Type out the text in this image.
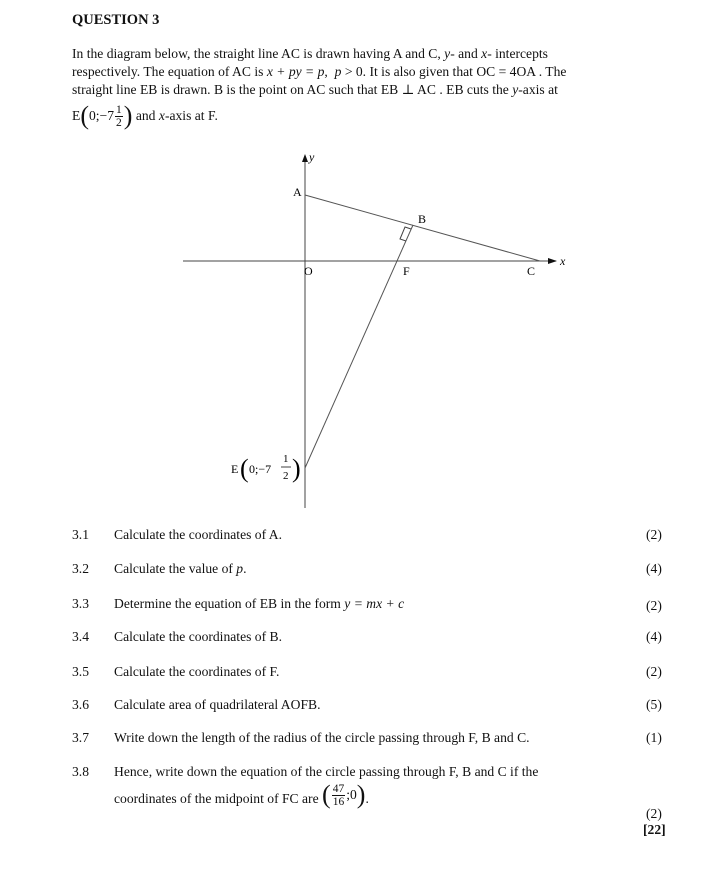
QUESTION 3
In the diagram below, the straight line AC is drawn having A and C, y- and x- intercepts
respectively. The equation of AC is x + py = p,  p > 0. It is also given that OC = 4OA . The
straight line EB is drawn. B is the point on AC such that EB ⊥ AC . EB cuts the y-axis at
E ( 0;−7 $\frac{1}{2}$ ) and x-axis at F.
y
x
A
B
O	F	C
E ( 0;−7
1
2 )
3.1 Calculate the coordinates of A.	(2)
3.2 Calculate the value of p.	(4)
3.3 Determine the equation of EB in the form y = mx + c	(2)
3.4 Calculate the coordinates of B.	(4)
3.5 Calculate the coordinates of F.	(2)
3.6 Calculate area of quadrilateral AOFB.	(5)
3.7 Write down the length of the radius of the circle passing through F, B and C.	(1)
3.8 Hence, write down the equation of the circle passing through F, B and C if the
coordinates of the midpoint of FC are ( $\frac{47}{16}$ ;0 ) .
(2)
[22]
